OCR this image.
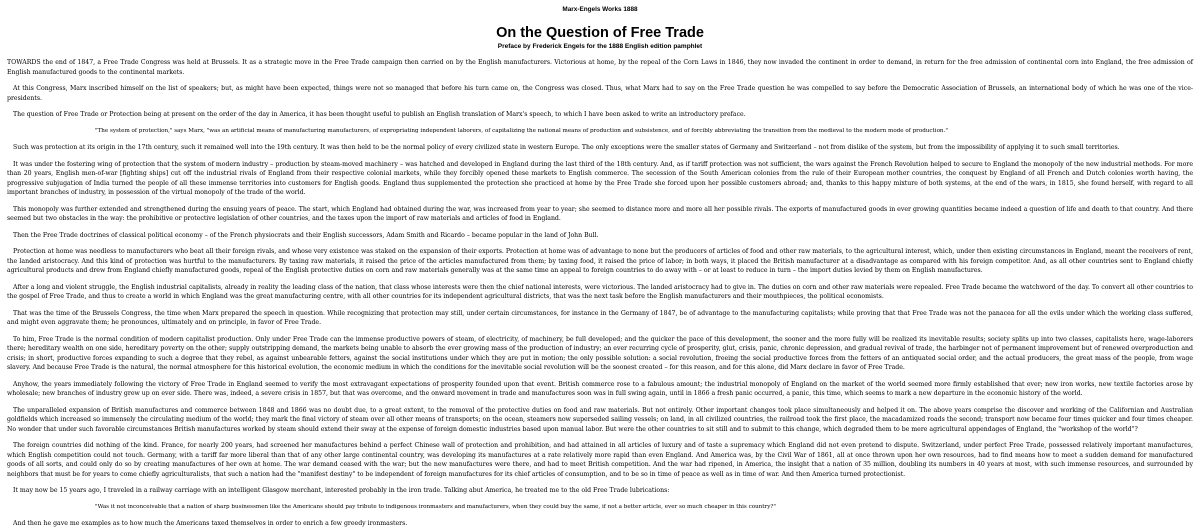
Marx-Engels Works 1888
On the Question of Free Trade
Preface by Frederick Engels for the 1888 English edition pamphlet

TOWARDS the end of 1847, a Free Trade Congress was held at Brussels. It as a strategic move in the Free Trade campaign then carried on by the English manufacturers. Victorious at home, by the repeal of the Corn Laws in 1846, they now invaded the continent in order to demand, in return for the free admission of continental corn into England, the free admission of English manufactured goods to the continental markets.

At this Congress, Marx inscribed himself on the list of speakers; but, as might have been expected, things were not so managed that before his turn came on, the Congress was closed. Thus, what Marx had to say on the Free Trade question he was compelled to say before the Democratic Association of Brussels, an international body of which he was one of the vice-presidents.

The question of Free Trade or Protection being at present on the order of the day in America, it has been thought useful to publish an English translation of Marx's speech, to which I have been asked to write an introductory preface.

"The system of protection," says Marx, "was an artificial means of manufacturing manufacturers, of expropriating independent laborers, of capitalizing the national means of production and subsistence, and of forcibly abbreviating the transition from the medieval to the modern mode of production."

Such was protection at its origin in the 17th century, such it remained well into the 19th century. It was then held to be the normal policy of every civilized state in western Europe. The only exceptions were the smaller states of Germany and Switzerland – not from dislike of the system, but from the impossibility of applying it to such small territories.

It was under the fostering wing of protection that the system of modern industry – production by steam-moved machinery – was hatched and developed in England during the last third of the 18th century. And, as if tariff protection was not sufficient, the wars against the French Revolution helped to secure to England the monopoly of the new industrial methods. For more than 20 years, English men-of-war [fighting ships] cut off the industrial rivals of England from their respective colonial markets, while they forcibly opened these markets to English commerce. The secession of the South American colonies from the rule of their European mother countries, the conquest by England of all French and Dutch colonies worth having, the progressive subjugation of India turned the people of all these immense territories into customers for English goods. England thus supplemented the protection she practiced at home by the Free Trade she forced upon her possible customers abroad; and, thanks to this happy mixture of both systems, at the end of the wars, in 1815, she found herself, with regard to all important branches of industry, in possession of the virtual monopoly of the trade of the world.

This monopoly was further extended and strengthened during the ensuing years of peace. The start, which England had obtained during the war, was increased from year to year; she seemed to distance more and more all her possible rivals. The exports of manufactured goods in ever growing quantities became indeed a question of life and death to that country. And there seemed but two obstacles in the way: the prohibitive or protective legislation of other countries, and the taxes upon the import of raw materials and articles of food in England.

Then the Free Trade doctrines of classical political economy – of the French physiocrats and their English successors, Adam Smith and Ricardo – became popular in the land of John Bull.

Protection at home was needless to manufacturers who beat all their foreign rivals, and whose very existence was staked on the expansion of their exports. Protection at home was of advantage to none but the producers of articles of food and other raw materials, to the agricultural interest, which, under then existing circumstances in England, meant the receivers of rent, the landed aristocracy. And this kind of protection was hurtful to the manufacturers. By taxing raw materials, it raised the price of the articles manufactured from them; by taxing food, it raised the price of labor; in both ways, it placed the British manufacturer at a disadvantage as compared with his foreign competitor. And, as all other countries sent to England chiefly agricultural products and drew from England chiefly manufactured goods, repeal of the English protective duties on corn and raw materials generally was at the same time an appeal to foreign countries to do away with – or at least to reduce in turn – the import duties levied by them on English manufactures.

After a long and violent struggle, the English industrial capitalists, already in reality the leading class of the nation, that class whose interests were then the chief national interests, were victorious. The landed aristocracy had to give in. The duties on corn and other raw materials were repealed. Free Trade became the watchword of the day. To convert all other countries to the gospel of Free Trade, and thus to create a world in which England was the great manufacturing centre, with all other countries for its independent agricultural districts, that was the next task before the English manufacturers and their mouthpieces, the political economists.

That was the time of the Brussels Congress, the time when Marx prepared the speech in question. While recognizing that protection may still, under certain circumstances, for instance in the Germany of 1847, be of advantage to the manufacturing capitalists; while proving that that Free Trade was not the panacea for all the evils under which the working class suffered, and might even aggravate them; he pronounces, ultimately and on principle, in favor of Free Trade.

To him, Free Trade is the normal condition of modern capitalist production. Only under Free Trade can the immense productive powers of steam, of electricity, of machinery, be full developed; and the quicker the pace of this development, the sooner and the more fully will be realized its inevitable results; society splits up into two classes, capitalists here, wage-laborers there; hereditary wealth on one side, hereditary poverty on the other; supply outstripping demand, the markets being unable to absorb the ever growing mass of the production of industry; an ever recurring cycle of prosperity, glut, crisis, panic, chronic depression, and gradual revival of trade, the harbinger not of permanent improvement but of renewed overproduction and crisis; in short, productive forces expanding to such a degree that they rebel, as against unbearable fetters, against the social institutions under which they are put in motion; the only possible solution: a social revolution, freeing the social productive forces from the fetters of an antiquated social order, and the actual producers, the great mass of the people, from wage slavery. And because Free Trade is the natural, the normal atmosphere for this historical evolution, the economic medium in which the conditions for the inevitable social revolution will be the soonest created – for this reason, and for this alone, did Marx declare in favor of Free Trade.

Anyhow, the years immediately following the victory of Free Trade in England seemed to verify the most extravagant expectations of prosperity founded upon that event. British commerce rose to a fabulous amount; the industrial monopoly of England on the market of the world seemed more firmly established that ever; new iron works, new textile factories arose by wholesale; new branches of industry grew up on ever side. There was, indeed, a severe crisis in 1857, but that was overcome, and the onward movement in trade and manufactures soon was in full swing again, until in 1866 a fresh panic occurred, a panic, this time, which seems to mark a new departure in the economic history of the world.

The unparalleled expansion of British manufactures and commerce between 1848 and 1866 was no doubt due, to a great extent, to the removal of the protective duties on food and raw materials. But not entirely. Other important changes took place simultaneously and helped it on. The above years comprise the discover and working of the Californian and Australian goldfields which increased so immensely the circulating medium of the world; they mark the final victory of steam over all other means of transports; on the ocean, steamers now superseded sailing vessels; on land, in all civilized countries, the railroad took the first place, the macadamized roads the second; transport now became four times quicker and four times cheaper. No wonder that under such favorable circumstances British manufactures worked by steam should extend their sway at the expense of foreign domestic industries based upon manual labor. But were the other countries to sit still and to submit to this change, which degraded them to be mere agricultural appendages of England, the "workshop of the world"?

The foreign countries did nothing of the kind. France, for nearly 200 years, had screened her manufactures behind a perfect Chinese wall of protection and prohibition, and had attained in all articles of luxury and of taste a supremacy which England did not even pretend to dispute. Switzerland, under perfect Free Trade, possessed relatively important manufactures, which English competition could not touch. Germany, with a tariff far more liberal than that of any other large continental country, was developing its manufactures at a rate relatively more rapid than even England. And America was, by the Civil War of 1861, all at once thrown upon her own resources, had to find means how to meet a sudden demand for manufactured goods of all sorts, and could only do so by creating manufactures of her own at home. The war demand ceased with the war; but the new manufactures were there, and had to meet British competition. And the war had ripened, in America, the insight that a nation of 35 million, doubling its numbers in 40 years at most, with such immense resources, and surrounded by neighbors that must be for years to come chiefly agriculturalists, that such a nation had the "manifest destiny" to be independent of foreign manufactures for its chief articles of consumption, and to be so in time of peace as well as in time of war. And then America turned protectionist.

It may now be 15 years ago, I traveled in a railway carriage with an intelligent Glasgow merchant, interested probably in the iron trade. Talking abut America, he treated me to the old Free Trade lubrications:

"Was it not inconceivable that a nation of sharp businessmen like the Americans should pay tribute to indigenous ironmasters and manufacturers, when they could buy the same, if not a better article, ever so much cheaper in this country?"

And then he gave me examples as to how much the Americans taxed themselves in order to enrich a few greedy ironmasters.
